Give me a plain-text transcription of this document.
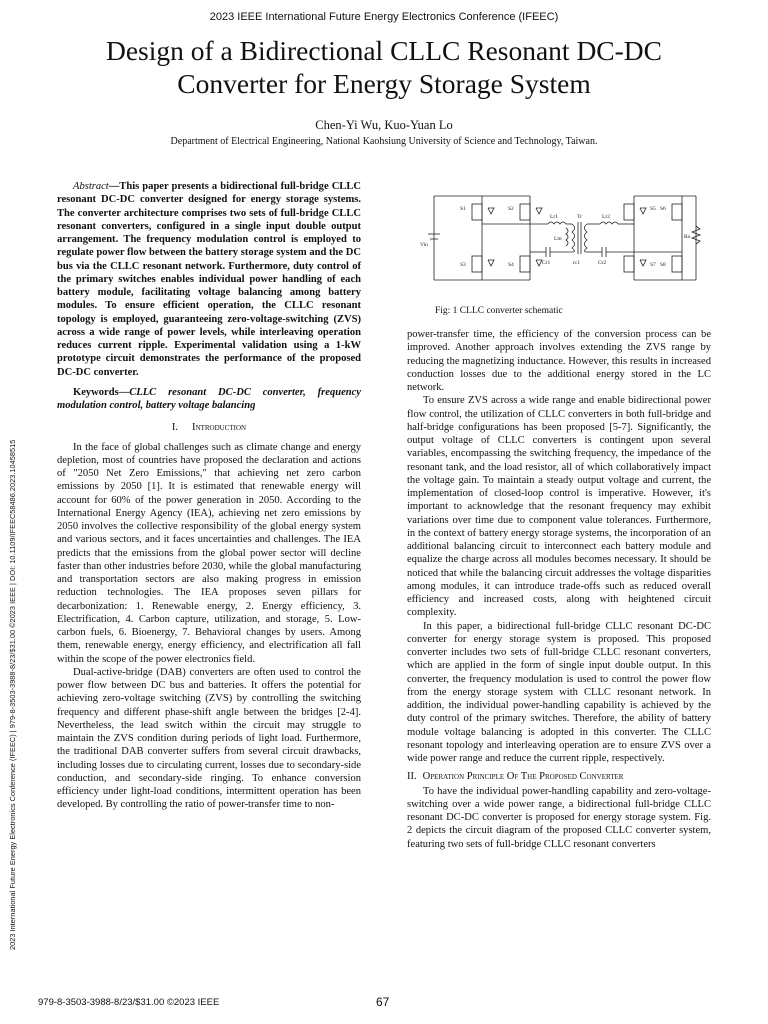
2023 IEEE International Future Energy Electronics Conference (IFEEC)
Design of a Bidirectional CLLC Resonant DC-DC
Converter for Energy Storage System
Chen-Yi Wu, Kuo-Yuan Lo
Department of Electrical Engineering, National Kaohsiung University of Science and Technology, Taiwan.
2023 International Future Energy Electronics Conference (IFEEC) | 979-8-3503-3988-8/23/$31.00 ©2023 IEEE | DOI: 10.1109/IFEEC58486.2023.10458515

Abstract—This paper presents a bidirectional full-bridge CLLC resonant DC-DC converter designed for energy storage systems. The converter architecture comprises two sets of full-bridge CLLC resonant converters, configured in a single input double output arrangement. The frequency modulation control is employed to regulate power flow between the battery storage system and the DC bus via the CLLC resonant network. Furthermore, duty control of the primary switches enables individual power handling of each battery module, facilitating voltage balancing among battery modules. To ensure efficient operation, the CLLC resonant topology is employed, guaranteeing zero-voltage-switching (ZVS) across a wide range of power levels, while interleaving operation reduces current ripple. Experimental validation using a 1-kW prototype circuit demonstrates the performance of the proposed DC-DC converter.

Keywords—CLLC resonant DC-DC converter, frequency modulation control, battery voltage balancing

I. Introduction

In the face of global challenges such as climate change and energy depletion, most of countries have proposed the declaration and actions of "2050 Net Zero Emissions," that achieving net zero carbon emissions by 2050 [1]. It is estimated that renewable energy will account for 60% of the power generation in 2050. According to the International Energy Agency (IEA), achieving net zero emissions by 2050 involves the collective responsibility of the global energy system and various sectors, and it faces uncertainties and challenges. The IEA predicts that the emissions from the global power sector will decline faster than other industries before 2030, while the global manufacturing and transportation sectors are also making progress in emission reduction technologies. The IEA proposes seven pillars for decarbonization: 1. Renewable energy, 2. Energy efficiency, 3. Electrification, 4. Carbon capture, utilization, and storage, 5. Low-carbon fuels, 6. Bioenergy, 7. Behavioral changes by users. Among them, renewable energy, energy efficiency, and electrification all fall within the scope of the power electronics field.

Dual-active-bridge (DAB) converters are often used to control the power flow between DC bus and batteries. It offers the potential for achieving zero-voltage switching (ZVS) by controlling the switching frequency and different phase-shift angle between the bridges [2-4]. Nevertheless, the lead switch within the circuit may struggle to maintain the ZVS condition during periods of light load. Furthermore, the traditional DAB converter suffers from several circuit drawbacks, including losses due to circulating current, losses due to secondary-side conduction, and secondary-side ringing. To enhance conversion efficiency under light-load conditions, intermittent operation has been developed. By controlling the ratio of power-transfer time to non-

S1	S2
S3	S4
S5 S6
S7 S8
Vin
Ro
Lr1	Lr2
Lm
Cr1	Cr2
Tr
n:1
Fig: 1 CLLC converter schematic

power-transfer time, the efficiency of the conversion process can be improved. Another approach involves extending the ZVS range by reducing the magnetizing inductance. However, this results in increased conduction losses due to the additional energy stored in the LC network.

To ensure ZVS across a wide range and enable bidirectional power flow control, the utilization of CLLC converters in both full-bridge and half-bridge configurations has been proposed [5-7]. Significantly, the output voltage of CLLC converters is contingent upon several variables, encompassing the switching frequency, the impedance of the resonant tank, and the load resistor, all of which collaboratively impact the voltage gain. To maintain a steady output voltage and current, the implementation of closed-loop control is imperative. However, it's important to acknowledge that the resonant frequency may exhibit variations over time due to component value tolerances. Furthermore, in the context of battery energy storage systems, the incorporation of an additional balancing circuit to interconnect each battery module and equalize the charge across all modules becomes necessary. It should be noticed that while the balancing circuit addresses the voltage disparities among modules, it can introduce trade-offs such as reduced overall efficiency and increased costs, along with heightened circuit complexity.

In this paper, a bidirectional full-bridge CLLC resonant DC-DC converter for energy storage system is proposed. This proposed converter includes two sets of full-bridge CLLC resonant converters, which are applied in the form of single input double output. In this converter, the frequency modulation is used to control the power flow from the energy storage system with CLLC resonant network. In addition, the individual power-handling capability is achieved by the duty control of the primary switches. Therefore, the ability of battery module voltage balancing is adopted in this converter. The CLLC resonant topology and interleaving operation are to ensure ZVS over a wide power range and reduce the current ripple, respectively.

II. Operation Principle Of The Proposed Converter

To have the individual power-handling capability and zero-voltage-switching over a wide power range, a bidirectional full-bridge CLLC resonant DC-DC converter is proposed for energy storage system. Fig. 2 depicts the circuit diagram of the proposed CLLC converter system, featuring two sets of full-bridge CLLC resonant converters

979-8-3503-3988-8/23/$31.00 ©2023 IEEE	67
